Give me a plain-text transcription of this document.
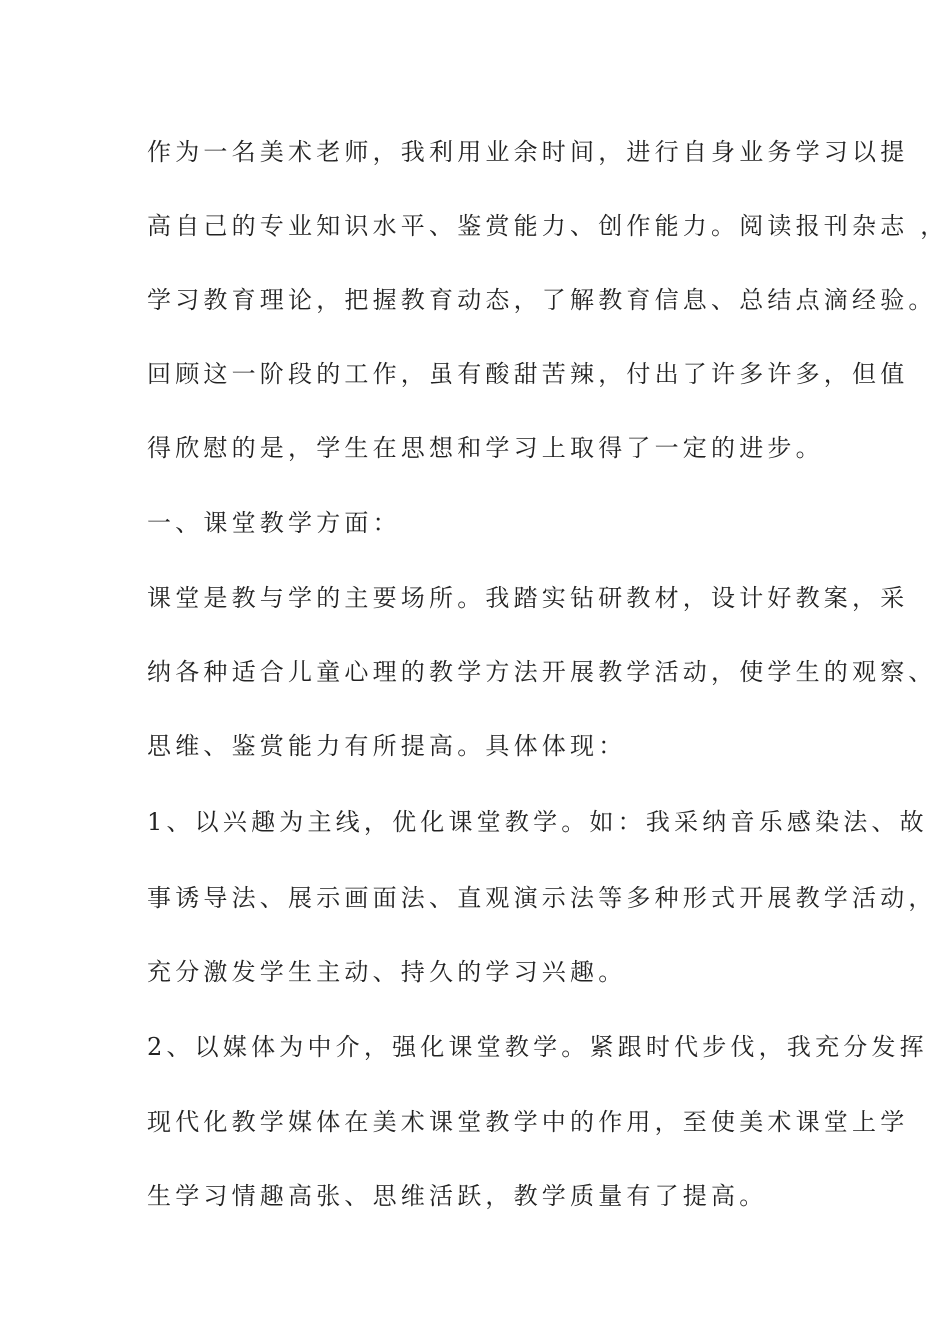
作为一名美术老师，我利用业余时间，进行自身业务学习以提

高自己的专业知识水平、鉴赏能力、创作能力。阅读报刊杂志 ，

学习教育理论，把握教育动态，了解教育信息、总结点滴经验。

回顾这一阶段的工作，虽有酸甜苦辣，付出了许多许多，但值

得欣慰的是，学生在思想和学习上取得了一定的进步。

一、课堂教学方面：

课堂是教与学的主要场所。我踏实钻研教材，设计好教案，采

纳各种适合儿童心理的教学方法开展教学活动，使学生的观察、

思维、鉴赏能力有所提高。具体体现：

1、以兴趣为主线，优化课堂教学。如：我采纳音乐感染法、故

事诱导法、展示画面法、直观演示法等多种形式开展教学活动，

充分激发学生主动、持久的学习兴趣。

2、以媒体为中介，强化课堂教学。紧跟时代步伐，我充分发挥

现代化教学媒体在美术课堂教学中的作用，至使美术课堂上学

生学习情趣高张、思维活跃，教学质量有了提高。
